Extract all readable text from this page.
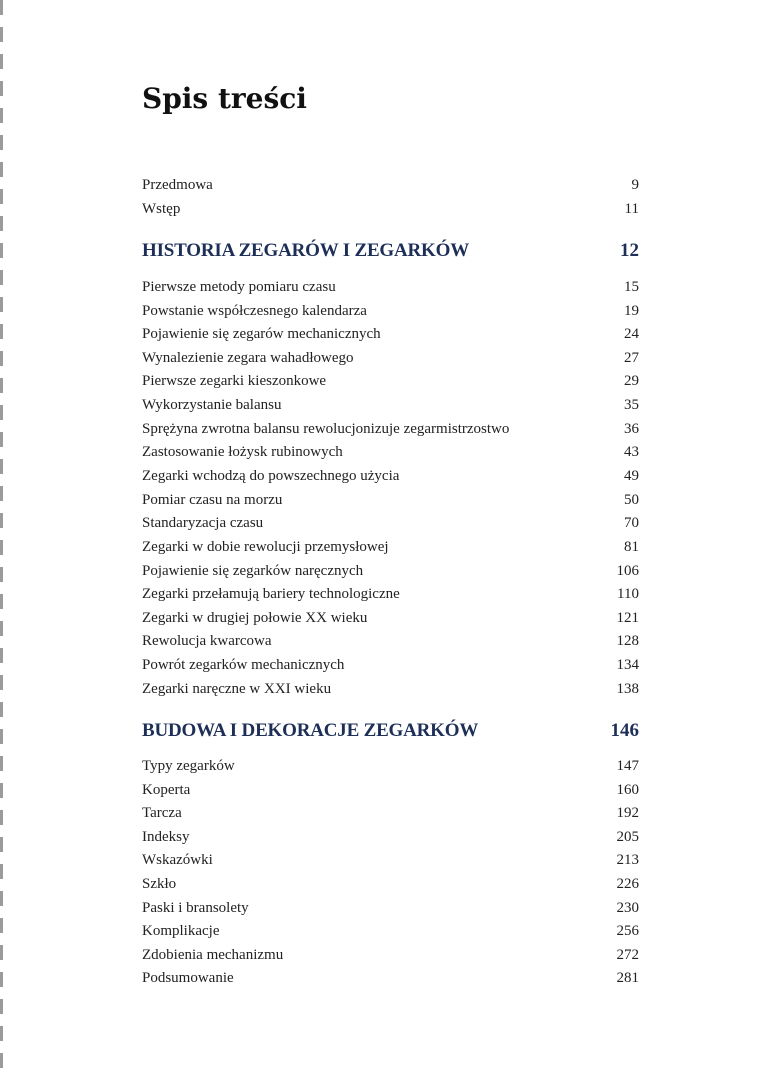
Spis treści
Przedmowa	9
Wstęp	11
HISTORIA ZEGARÓW I ZEGARKÓW	12
Pierwsze metody pomiaru czasu	15
Powstanie współczesnego kalendarza	19
Pojawienie się zegarów mechanicznych	24
Wynalezienie zegara wahadłowego	27
Pierwsze zegarki kieszonkowe	29
Wykorzystanie balansu	35
Sprężyna zwrotna balansu rewolucjonizuje zegarmistrzostwo	36
Zastosowanie łożysk rubinowych	43
Zegarki wchodzą do powszechnego użycia	49
Pomiar czasu na morzu	50
Standaryzacja czasu	70
Zegarki w dobie rewolucji przemysłowej	81
Pojawienie się zegarków naręcznych	106
Zegarki przełamują bariery technologiczne	110
Zegarki w drugiej połowie XX wieku	121
Rewolucja kwarcowa	128
Powrót zegarków mechanicznych	134
Zegarki naręczne w XXI wieku	138
BUDOWA I DEKORACJE ZEGARKÓW	146
Typy zegarków	147
Koperta	160
Tarcza	192
Indeksy	205
Wskazówki	213
Szkło	226
Paski i bransolety	230
Komplikacje	256
Zdobienia mechanizmu	272
Podsumowanie	281
